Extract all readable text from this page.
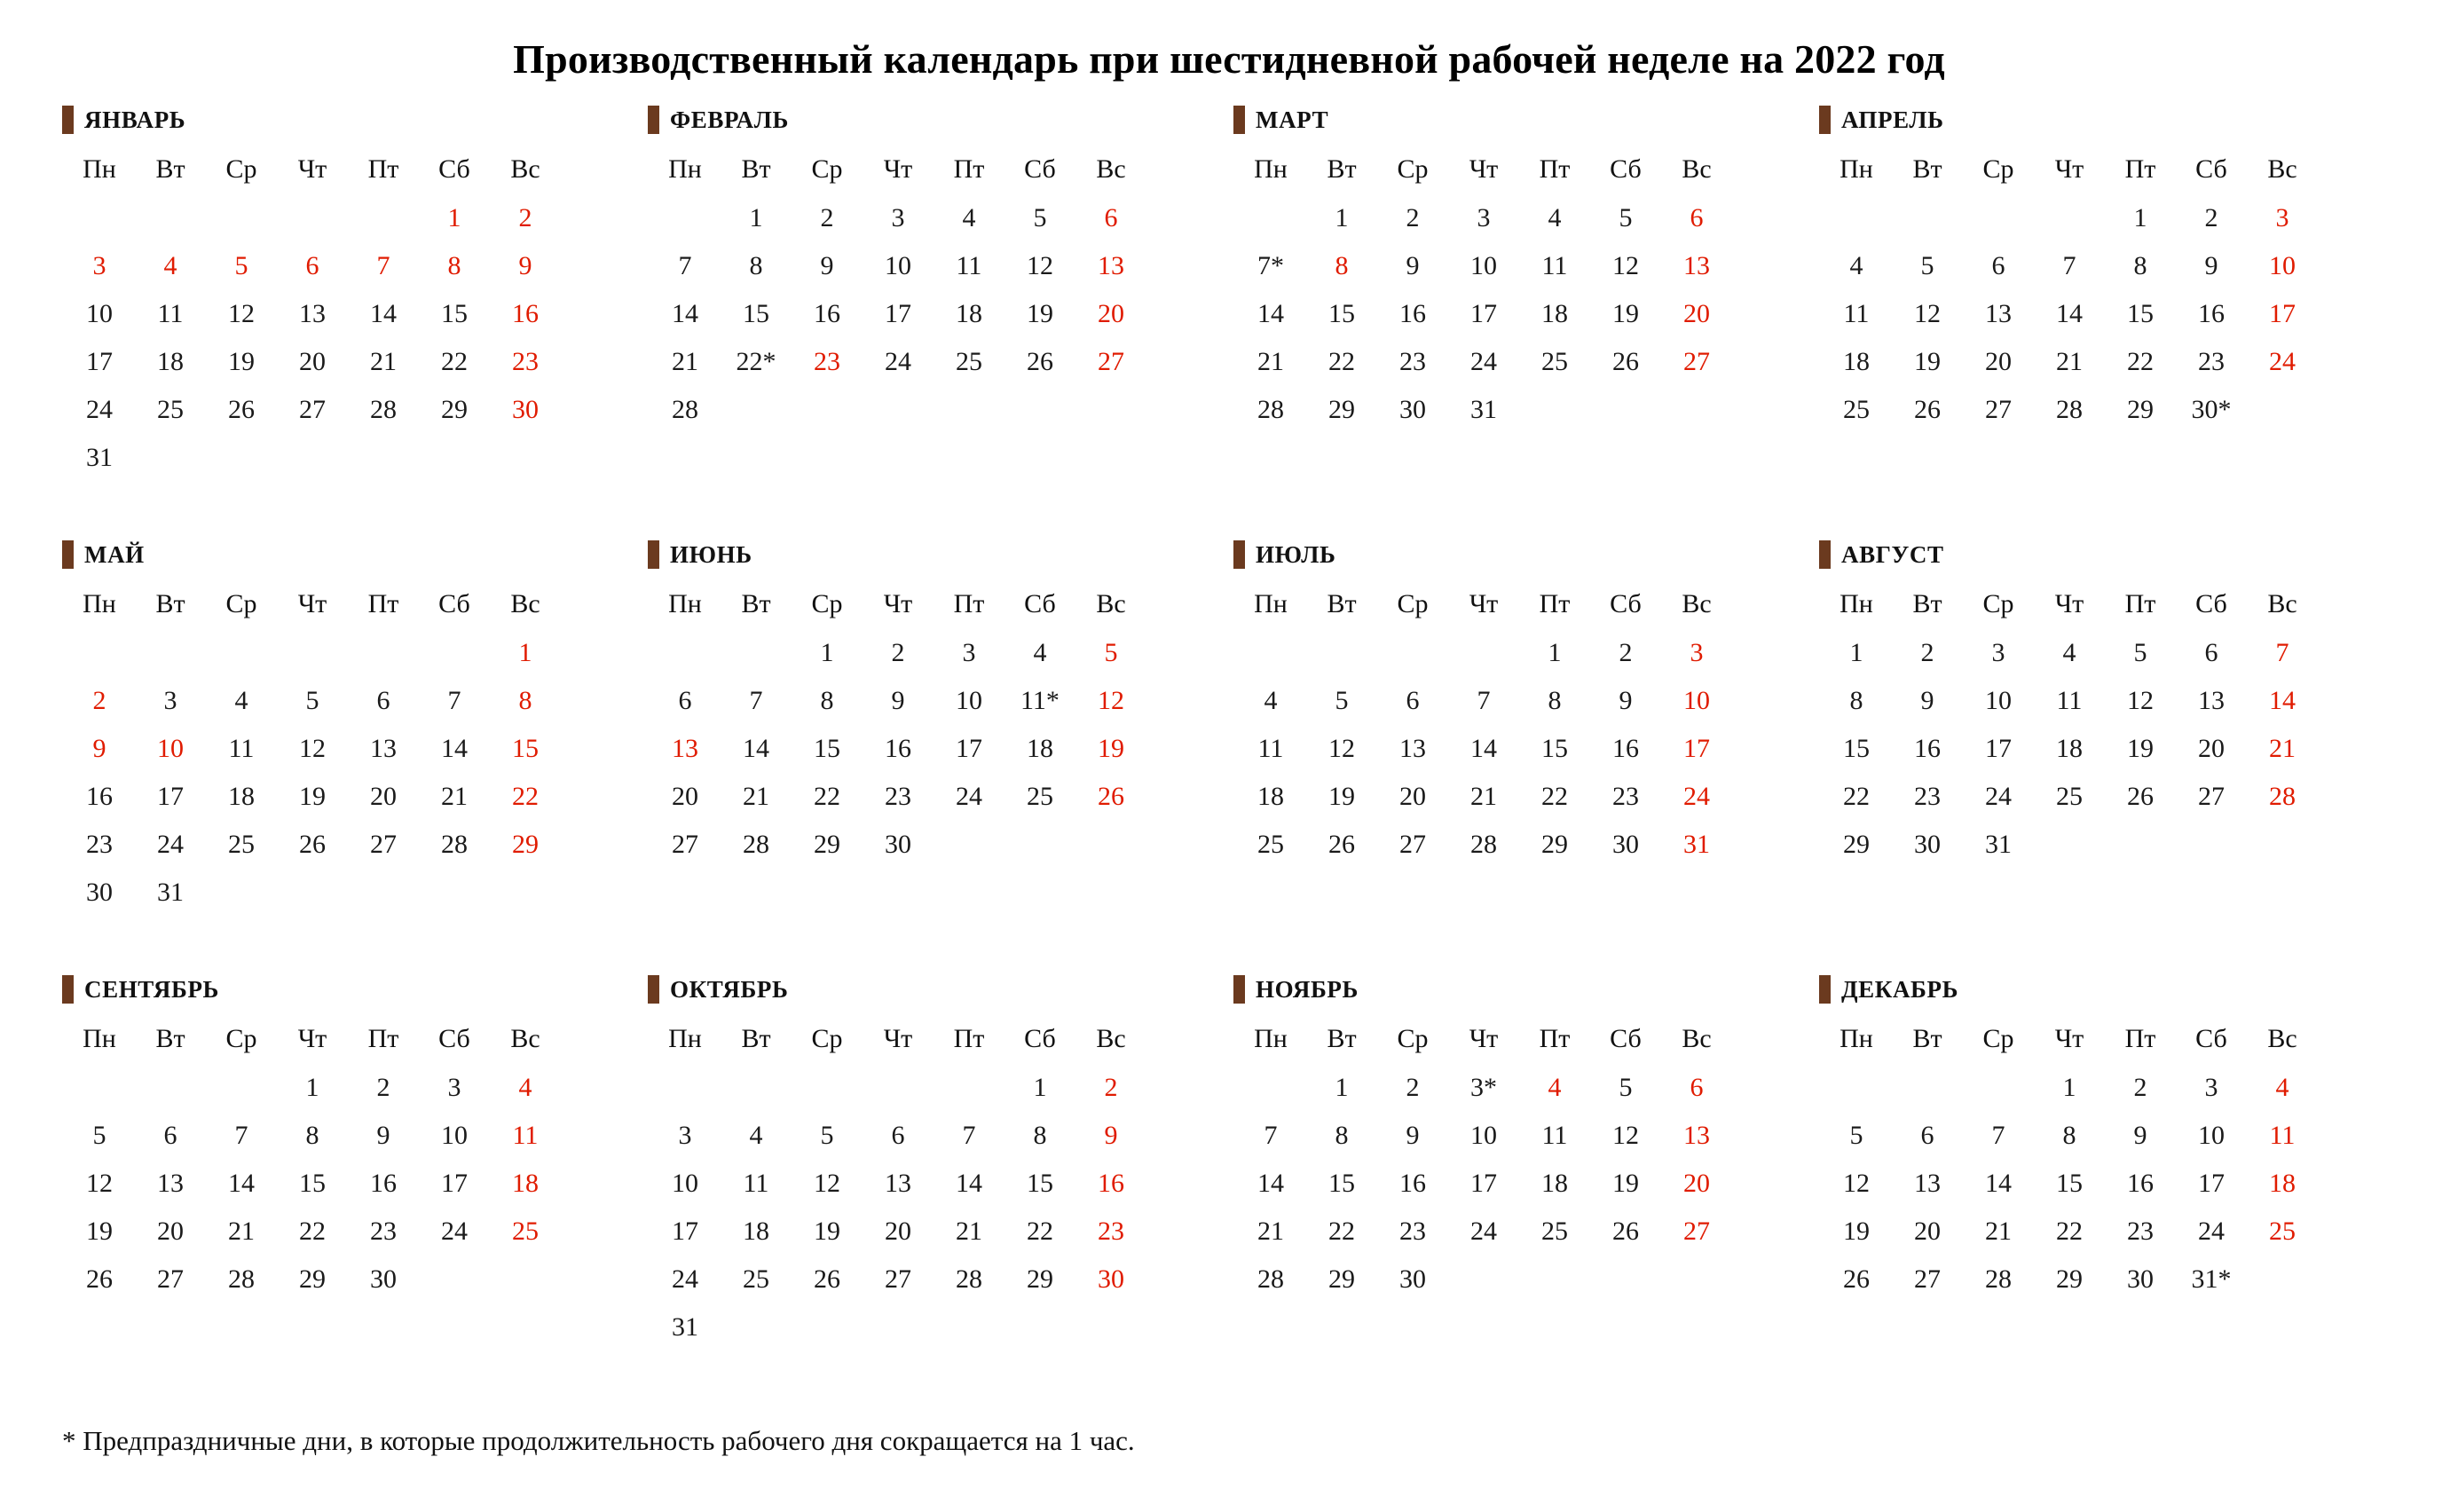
Производственный календарь при шестидневной рабочей неделе на 2022 год
ЯНВАРЬ
Пн	Вт	Ср	Чт	Пт	Сб	Вс
					1	2
3	4	5	6	7	8	9
10	11	12	13	14	15	16
17	18	19	20	21	22	23
24	25	26	27	28	29	30
31						
ФЕВРАЛЬ
Пн	Вт	Ср	Чт	Пт	Сб	Вс
	1	2	3	4	5	6
7	8	9	10	11	12	13
14	15	16	17	18	19	20
21	22*	23	24	25	26	27
28						
МАРТ
Пн	Вт	Ср	Чт	Пт	Сб	Вс
	1	2	3	4	5	6
7*	8	9	10	11	12	13
14	15	16	17	18	19	20
21	22	23	24	25	26	27
28	29	30	31			
АПРЕЛЬ
Пн	Вт	Ср	Чт	Пт	Сб	Вс
				1	2	3
4	5	6	7	8	9	10
11	12	13	14	15	16	17
18	19	20	21	22	23	24
25	26	27	28	29	30*	
МАЙ
Пн	Вт	Ср	Чт	Пт	Сб	Вс
						1
2	3	4	5	6	7	8
9	10	11	12	13	14	15
16	17	18	19	20	21	22
23	24	25	26	27	28	29
30	31					
ИЮНЬ
Пн	Вт	Ср	Чт	Пт	Сб	Вс
		1	2	3	4	5
6	7	8	9	10	11*	12
13	14	15	16	17	18	19
20	21	22	23	24	25	26
27	28	29	30			
ИЮЛЬ
Пн	Вт	Ср	Чт	Пт	Сб	Вс
				1	2	3
4	5	6	7	8	9	10
11	12	13	14	15	16	17
18	19	20	21	22	23	24
25	26	27	28	29	30	31
АВГУСТ
Пн	Вт	Ср	Чт	Пт	Сб	Вс
1	2	3	4	5	6	7
8	9	10	11	12	13	14
15	16	17	18	19	20	21
22	23	24	25	26	27	28
29	30	31				
СЕНТЯБРЬ
Пн	Вт	Ср	Чт	Пт	Сб	Вс
			1	2	3	4
5	6	7	8	9	10	11
12	13	14	15	16	17	18
19	20	21	22	23	24	25
26	27	28	29	30		
ОКТЯБРЬ
Пн	Вт	Ср	Чт	Пт	Сб	Вс
					1	2
3	4	5	6	7	8	9
10	11	12	13	14	15	16
17	18	19	20	21	22	23
24	25	26	27	28	29	30
31						
НОЯБРЬ
Пн	Вт	Ср	Чт	Пт	Сб	Вс
	1	2	3*	4	5	6
7	8	9	10	11	12	13
14	15	16	17	18	19	20
21	22	23	24	25	26	27
28	29	30				
ДЕКАБРЬ
Пн	Вт	Ср	Чт	Пт	Сб	Вс
			1	2	3	4
5	6	7	8	9	10	11
12	13	14	15	16	17	18
19	20	21	22	23	24	25
26	27	28	29	30	31*	
* Предпраздничные дни, в которые продолжительность рабочего дня сокращается на 1 час.
